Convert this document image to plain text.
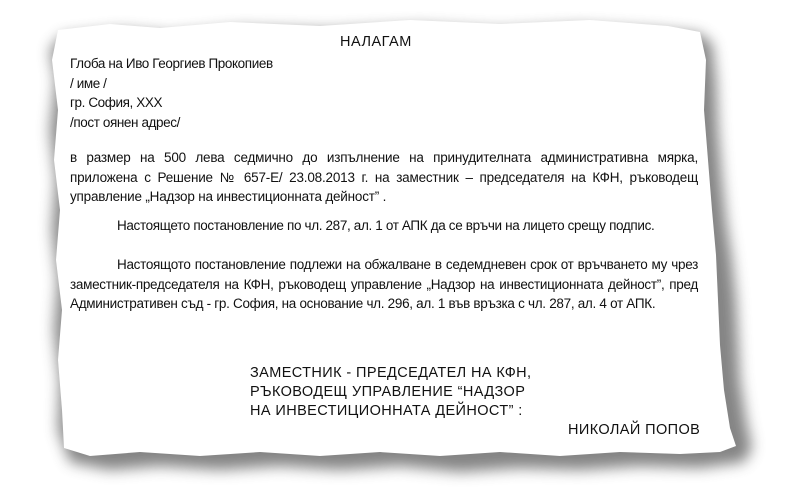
НАЛАГАМ
Глоба на Иво Георгиев Прокопиев
/ име /
гр. София, ХХХ
/пост оянен адрес/
в размер на 500 лева седмично до изпълнение на принудителната административна мярка, приложена с Решение № 657-Е/ 23.08.2013 г. на заместник – председателя на КФН, ръководещ управление „Надзор на инвестиционната дейност” .
Настоящето постановление по чл. 287, ал. 1 от АПК да се връчи на лицето срещу подпис.
Настоящото постановление подлежи на обжалване в седемдневен срок от връчването му чрез заместник-председателя на КФН, ръководещ управление „Надзор на инвестиционната дейност”, пред Административен съд - гр. София, на основание чл. 296, ал. 1 във връзка с чл. 287, ал. 4 от АПК.
ЗАМЕСТНИК - ПРЕДСЕДАТЕЛ НА КФН,
РЪКОВОДЕЩ УПРАВЛЕНИЕ “НАДЗОР
НА ИНВЕСТИЦИОННАТА ДЕЙНОСТ” :
НИКОЛАЙ ПОПОВ
